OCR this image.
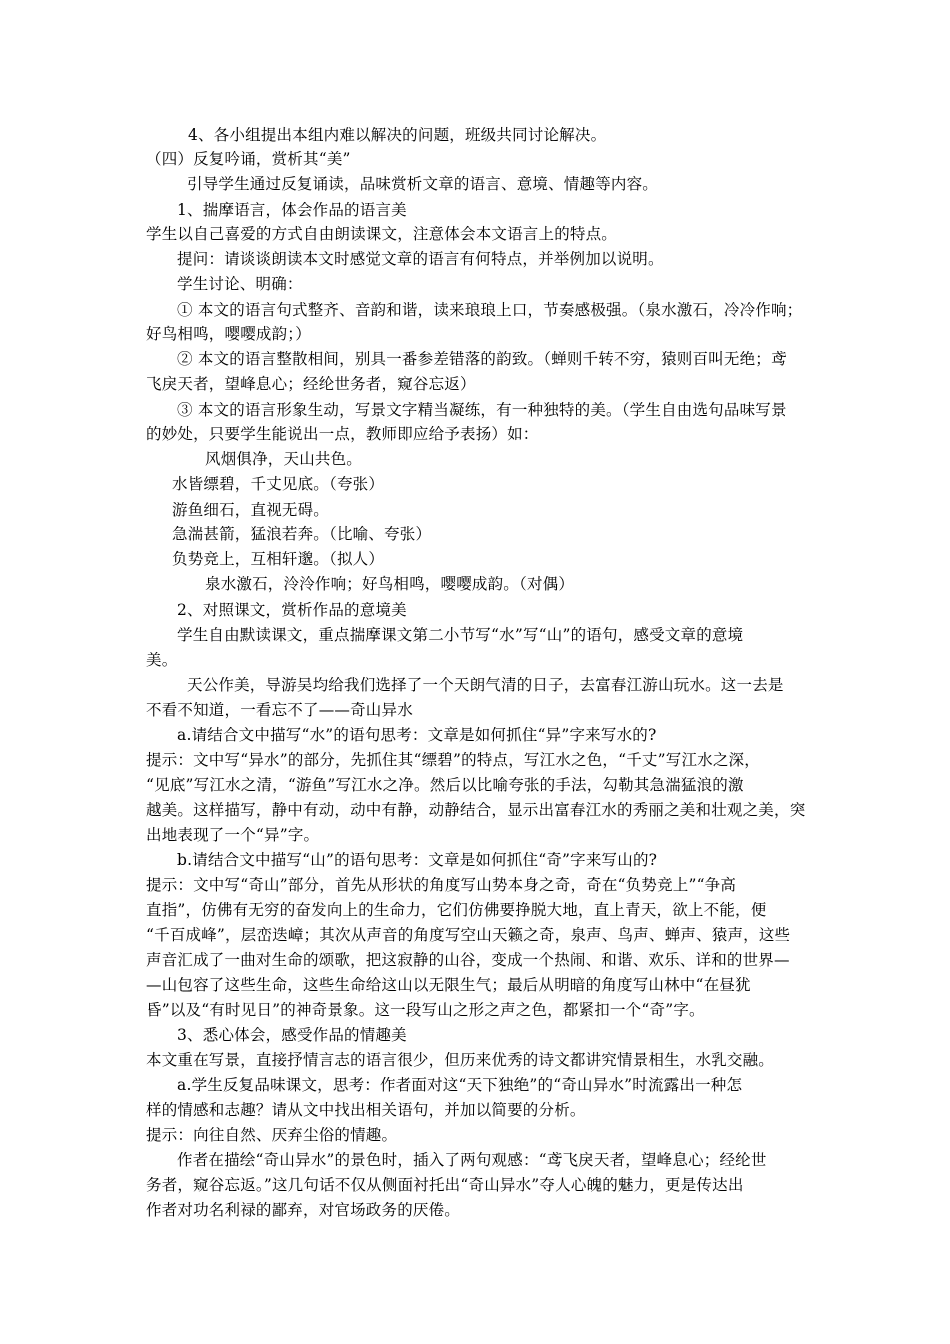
4、各小组提出本组内难以解决的问题，班级共同讨论解决。
（四）反复吟诵，赏析其“美”
引导学生通过反复诵读，品味赏析文章的语言、意境、情趣等内容。
1、揣摩语言，体会作品的语言美
学生以自己喜爱的方式自由朗读课文，注意体会本文语言上的特点。
提问：请谈谈朗读本文时感觉文章的语言有何特点，并举例加以说明。
学生讨论、明确：
① 本文的语言句式整齐、音韵和谐，读来琅琅上口，节奏感极强。（泉水激石，冷冷作响；
好鸟相鸣，嘤嘤成韵；）
② 本文的语言整散相间，别具一番参差错落的韵致。（蝉则千转不穷，猿则百叫无绝；鸢
飞戾天者，望峰息心；经纶世务者，窥谷忘返）
③ 本文的语言形象生动，写景文字精当凝练，有一种独特的美。（学生自由选句品味写景
的妙处，只要学生能说出一点，教师即应给予表扬）如：
风烟俱净，天山共色。
水皆缥碧，千丈见底。（夸张）
游鱼细石，直视无碍。
急湍甚箭，猛浪若奔。（比喻、夸张）
负势竞上，互相轩邈。（拟人）
泉水激石，泠泠作响；好鸟相鸣，嘤嘤成韵。（对偶）
2、对照课文，赏析作品的意境美
学生自由默读课文，重点揣摩课文第二小节写“水”写“山”的语句，感受文章的意境
美。
天公作美，导游吴均给我们选择了一个天朗气清的日子，去富春江游山玩水。这一去是
不看不知道，一看忘不了——奇山异水
a.请结合文中描写“水”的语句思考：文章是如何抓住“异”字来写水的?
提示：文中写“异水”的部分，先抓住其“缥碧”的特点，写江水之色，“千丈”写江水之深，
“见底”写江水之清，“游鱼”写江水之净。然后以比喻夸张的手法，勾勒其急湍猛浪的激
越美。这样描写，静中有动，动中有静，动静结合，显示出富春江水的秀丽之美和壮观之美，突
出地表现了一个“异”字。
b.请结合文中描写“山”的语句思考：文章是如何抓住“奇”字来写山的?
提示：文中写“奇山”部分，首先从形状的角度写山势本身之奇，奇在“负势竞上”“争高
直指”，仿佛有无穷的奋发向上的生命力，它们仿佛要挣脱大地，直上青天，欲上不能，便
“千百成峰”，层峦迭嶂；其次从声音的角度写空山天籁之奇，泉声、鸟声、蝉声、猿声，这些
声音汇成了一曲对生命的颂歌，把这寂静的山谷，变成一个热闹、和谐、欢乐、详和的世界—
—山包容了这些生命，这些生命给这山以无限生气；最后从明暗的角度写山林中“在昼犹
昏”以及“有时见日”的神奇景象。这一段写山之形之声之色，都紧扣一个“奇”字。
3、悉心体会，感受作品的情趣美
本文重在写景，直接抒情言志的语言很少，但历来优秀的诗文都讲究情景相生，水乳交融。
a.学生反复品味课文，思考：作者面对这“天下独绝”的“奇山异水”时流露出一种怎
样的情感和志趣？请从文中找出相关语句，并加以简要的分析。
提示：向往自然、厌弃尘俗的情趣。
作者在描绘“奇山异水”的景色时，插入了两句观感：“鸢飞戾天者，望峰息心；经纶世
务者，窥谷忘返。”这几句话不仅从侧面衬托出“奇山异水”夺人心魄的魅力，更是传达出
作者对功名利禄的鄙弃，对官场政务的厌倦。
